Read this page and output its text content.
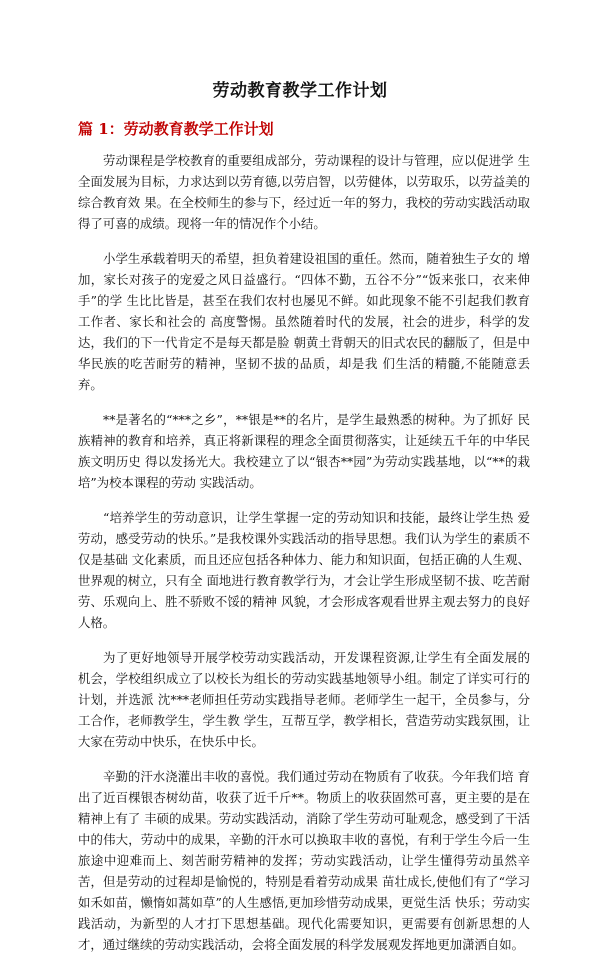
劳动教育教学工作计划
篇 1：劳动教育教学工作计划

劳动课程是学校教育的重要组成部分，劳动课程的设计与管理，应以促进学 生全面发展为目标，力求达到以劳育德,以劳启智，以劳健体，以劳取乐，以劳益美的综合教育效 果。在全校师生的参与下，经过近一年的努力，我校的劳动实践活动取得了可喜的成绩。现将一年的情况作个小结。

小学生承载着明天的希望，担负着建设祖国的重任。然而，随着独生子女的 增加，家长对孩子的宠爱之风日益盛行。“四体不勤，五谷不分”“饭来张口，衣来伸手”的学 生比比皆是，甚至在我们农村也屡见不鲜。如此现象不能不引起我们教育工作者、家长和社会的 高度警惕。虽然随着时代的发展，社会的进步，科学的发达，我们的下一代肯定不是每天都是脸 朝黄土背朝天的旧式农民的翻版了，但是中华民族的吃苦耐劳的精神，坚韧不拔的品质，却是我 们生活的精髓,不能随意丢弃。

**是著名的“***之乡”，**银是**的名片，是学生最熟悉的树种。为了抓好 民族精神的教育和培养，真正将新课程的理念全面贯彻落实，让延续五千年的中华民族文明历史 得以发扬光大。我校建立了以“银杏**园”为劳动实践基地，以“**的栽培”为校本课程的劳动 实践活动。

“培养学生的劳动意识，让学生掌握一定的劳动知识和技能，最终让学生热 爱劳动，感受劳动的快乐。”是我校课外实践活动的指导思想。我们认为学生的素质不仅是基础 文化素质，而且还应包括各种体力、能力和知识面，包括正确的人生观、世界观的树立，只有全 面地进行教育教学行为，才会让学生形成坚韧不拔、吃苦耐劳、乐观向上、胜不骄败不馁的精神 风貌，才会形成客观看世界主观去努力的良好人格。

为了更好地领导开展学校劳动实践活动，开发课程资源,让学生有全面发展的 机会，学校组织成立了以校长为组长的劳动实践基地领导小组。制定了详实可行的计划，并选派 沈***老师担任劳动实践指导老师。老师学生一起干，全员参与，分工合作，老师教学生，学生教 学生，互帮互学，教学相长，营造劳动实践氛围，让大家在劳动中快乐，在快乐中长。

辛勤的汗水浇灌出丰收的喜悦。我们通过劳动在物质有了收获。今年我们培 育出了近百棵银杏树幼苗，收获了近千斤**。物质上的收获固然可喜，更主要的是在精神上有了 丰硕的成果。劳动实践活动，消除了学生劳动可耻观念，感受到了干活中的伟大，劳动中的成果，辛勤的汗水可以换取丰收的喜悦，有利于学生今后一生旅途中迎难而上、刻苦耐劳精神的发挥；劳动实践活动，让学生懂得劳动虽然辛苦，但是劳动的过程却是愉悦的，特别是看着劳动成果 苗壮成长,使他们有了“学习如禾如苗，懒惰如蒿如草”的人生感悟,更加珍惜劳动成果，更觉生活 快乐；劳动实践活动，为新型的人才打下思想基础。现代化需要知识，更需要有创新思想的人才，通过继续的劳动实践活动，会将全面发展的科学发展观发挥地更加潇洒自如。
